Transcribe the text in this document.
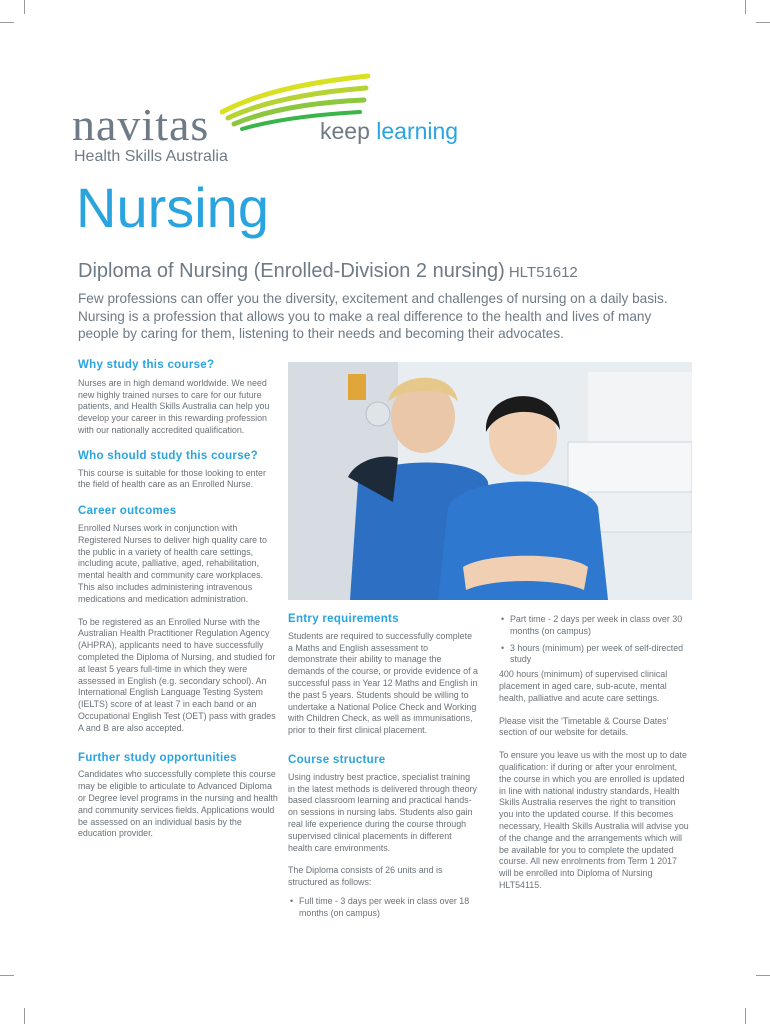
navitas
Health Skills Australia
keep learning
Nursing
Diploma of Nursing (Enrolled-Division 2 nursing) HLT51612

Few professions can offer you the diversity, excitement and challenges of nursing on a daily basis. Nursing is a profession that allows you to make a real difference to the health and lives of many people by caring for them, listening to their needs and becoming their advocates.

Why study this course?

Nurses are in high demand worldwide. We need new highly trained nurses to care for our future patients, and Health Skills Australia can help you develop your career in this rewarding profession with our nationally accredited qualification.

Who should study this course?

This course is suitable for those looking to enter the field of health care as an Enrolled Nurse.

Career outcomes

Enrolled Nurses work in conjunction with Registered Nurses to deliver high quality care to the public in a variety of health care settings, including acute, palliative, aged, rehabilitation, mental health and community care workplaces. This also includes administering intravenous medications and medication administration.

To be registered as an Enrolled Nurse with the Australian Health Practitioner Regulation Agency (AHPRA), applicants need to have successfully completed the Diploma of Nursing, and studied for at least 5 years full-time in which they were assessed in English (e.g. secondary school). An International English Language Testing System (IELTS) score of at least 7 in each band or an Occupational English Test (OET) pass with grades A and B are also accepted.

Further study opportunities

Candidates who successfully complete this course may be eligible to articulate to Advanced Diploma or Degree level programs in the nursing and health and community services fields. Applications would be assessed on an individual basis by the education provider.

Entry requirements

Students are required to successfully complete a Maths and English assessment to demonstrate their ability to manage the demands of the course, or provide evidence of a successful pass in Year 12 Maths and English in the past 5 years. Students should be willing to undertake a National Police Check and Working with Children Check, as well as immunisations, prior to their first clinical placement.

Course structure

Using industry best practice, specialist training in the latest methods is delivered through theory based classroom learning and practical hands-on sessions in nursing labs. Students also gain real life experience during the course through supervised clinical placements in different health care environments.

The Diploma consists of 26 units and is structured as follows:

• Full time - 3 days per week in class over 18 months (on campus)

• Part time - 2 days per week in class over 30 months (on campus)

• 3 hours (minimum) per week of self-directed study

400 hours (minimum) of supervised clinical placement in aged care, sub-acute, mental health, palliative and acute care settings.

Please visit the 'Timetable & Course Dates' section of our website for details.

To ensure you leave us with the most up to date qualification: if during or after your enrolment, the course in which you are enrolled is updated in line with national industry standards, Health Skills Australia reserves the right to transition you into the updated course. If this becomes necessary, Health Skills Australia will advise you of the change and the arrangements which will be available for you to complete the updated course. All new enrolments from Term 1 2017 will be enrolled into Diploma of Nursing HLT54115.
